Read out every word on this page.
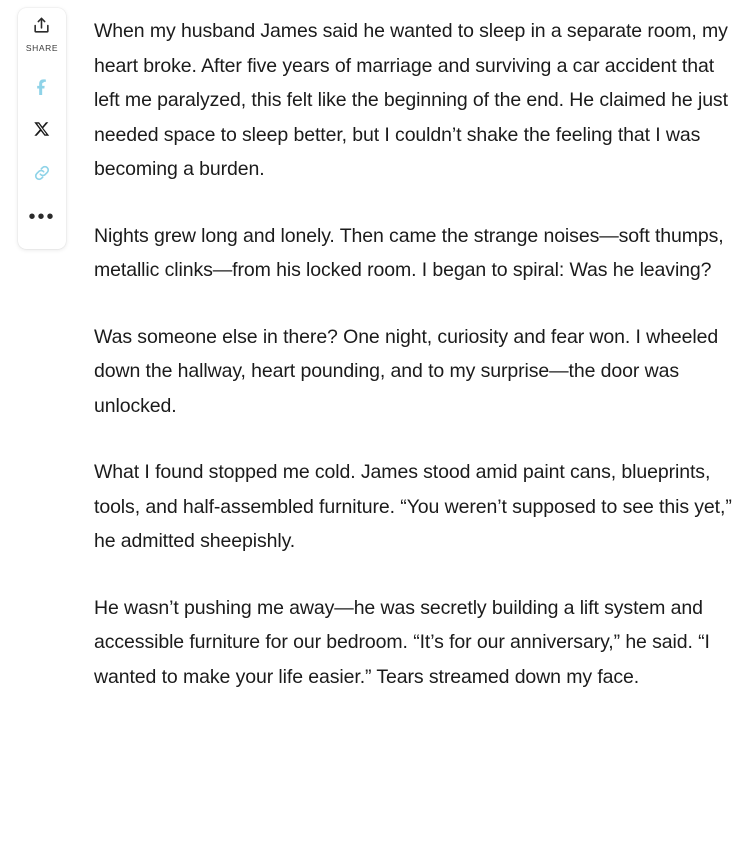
SHARE
•••

When my husband James said he wanted to sleep in a separate room, my heart broke. After five years of marriage and surviving a car accident that left me paralyzed, this felt like the beginning of the end. He claimed he just needed space to sleep better, but I couldn’t shake the feeling that I was becoming a burden.

Nights grew long and lonely. Then came the strange noises—soft thumps, metallic clinks—from his locked room. I began to spiral: Was he leaving?

Was someone else in there? One night, curiosity and fear won. I wheeled down the hallway, heart pounding, and to my surprise—the door was unlocked.

What I found stopped me cold. James stood amid paint cans, blueprints, tools, and half-assembled furniture. “You weren’t supposed to see this yet,” he admitted sheepishly.

He wasn’t pushing me away—he was secretly building a lift system and accessible furniture for our bedroom. “It’s for our anniversary,” he said. “I wanted to make your life easier.” Tears streamed down my face.
